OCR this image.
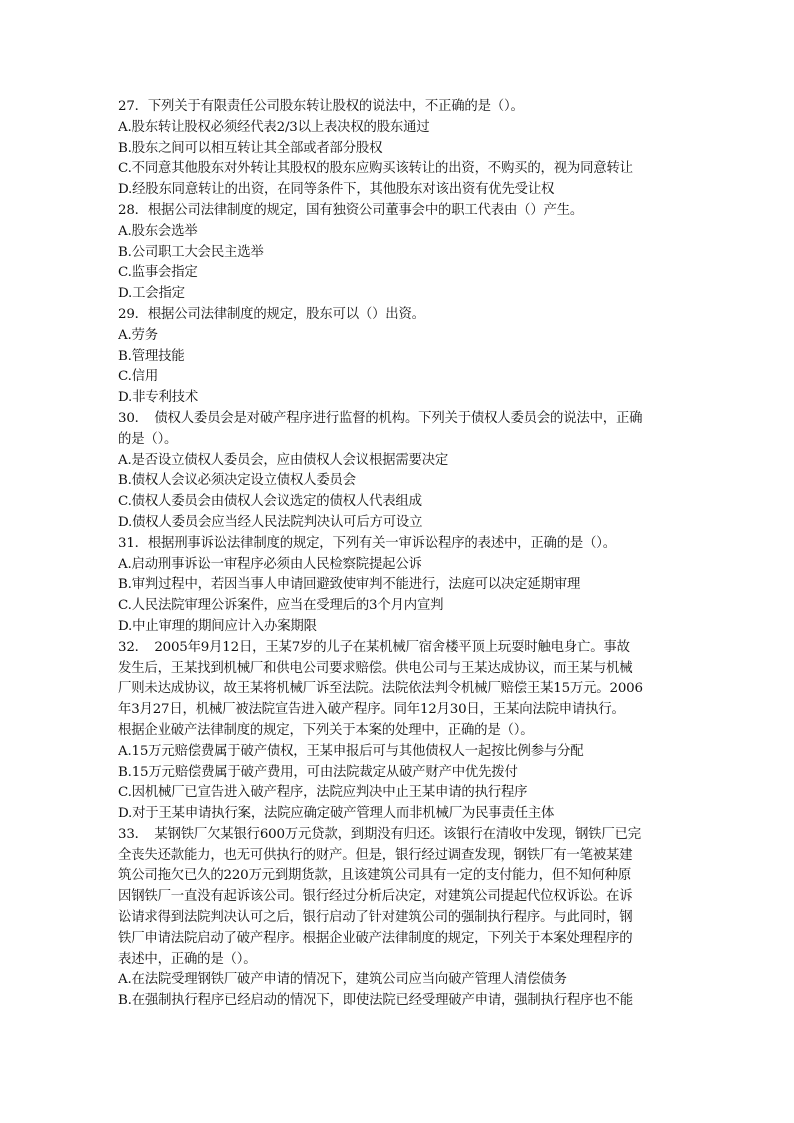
27．下列关于有限责任公司股东转让股权的说法中，不正确的是（）。
A.股东转让股权必须经代表2/3以上表决权的股东通过
B.股东之间可以相互转让其全部或者部分股权
C.不同意其他股东对外转让其股权的股东应购买该转让的出资，不购买的，视为同意转让
D.经股东同意转让的出资，在同等条件下，其他股东对该出资有优先受让权
28．根据公司法律制度的规定，国有独资公司董事会中的职工代表由（）产生。
A.股东会选举
B.公司职工大会民主选举
C.监事会指定
D.工会指定
29．根据公司法律制度的规定，股东可以（）出资。
A.劳务
B.管理技能
C.信用
D.非专利技术
30．　债权人委员会是对破产程序进行监督的机构。下列关于债权人委员会的说法中，正确
的是（）。
A.是否设立债权人委员会，应由债权人会议根据需要决定
B.债权人会议必须决定设立债权人委员会
C.债权人委员会由债权人会议选定的债权人代表组成
D.债权人委员会应当经人民法院判决认可后方可设立
31．根据刑事诉讼法律制度的规定，下列有关一审诉讼程序的表述中，正确的是（）。
A.启动刑事诉讼一审程序必须由人民检察院提起公诉
B.审判过程中，若因当事人申请回避致使审判不能进行，法庭可以决定延期审理
C.人民法院审理公诉案件，应当在受理后的3个月内宣判
D.中止审理的期间应计入办案期限
32．　2005年9月12日，王某7岁的儿子在某机械厂宿舍楼平顶上玩耍时触电身亡。事故
发生后，王某找到机械厂和供电公司要求赔偿。供电公司与王某达成协议，而王某与机械
厂则未达成协议，故王某将机械厂诉至法院。法院依法判令机械厂赔偿王某15万元。2006
年3月27日，机械厂被法院宣告进入破产程序。同年12月30日，王某向法院申请执行。
根据企业破产法律制度的规定，下列关于本案的处理中，正确的是（）。
A.15万元赔偿费属于破产债权，王某申报后可与其他债权人一起按比例参与分配
B.15万元赔偿费属于破产费用，可由法院裁定从破产财产中优先拨付
C.因机械厂已宣告进入破产程序，法院应判决中止王某申请的执行程序
D.对于王某申请执行案，法院应确定破产管理人而非机械厂为民事责任主体
33．　某钢铁厂欠某银行600万元贷款，到期没有归还。该银行在清收中发现，钢铁厂已完
全丧失还款能力，也无可供执行的财产。但是，银行经过调查发现，钢铁厂有一笔被某建
筑公司拖欠已久的220万元到期货款，且该建筑公司具有一定的支付能力，但不知何种原
因钢铁厂一直没有起诉该公司。银行经过分析后决定，对建筑公司提起代位权诉讼。在诉
讼请求得到法院判决认可之后，银行启动了针对建筑公司的强制执行程序。与此同时，钢
铁厂申请法院启动了破产程序。根据企业破产法律制度的规定，下列关于本案处理程序的
表述中，正确的是（）。
A.在法院受理钢铁厂破产申请的情况下，建筑公司应当向破产管理人清偿债务
B.在强制执行程序已经启动的情况下，即使法院已经受理破产申请，强制执行程序也不能
